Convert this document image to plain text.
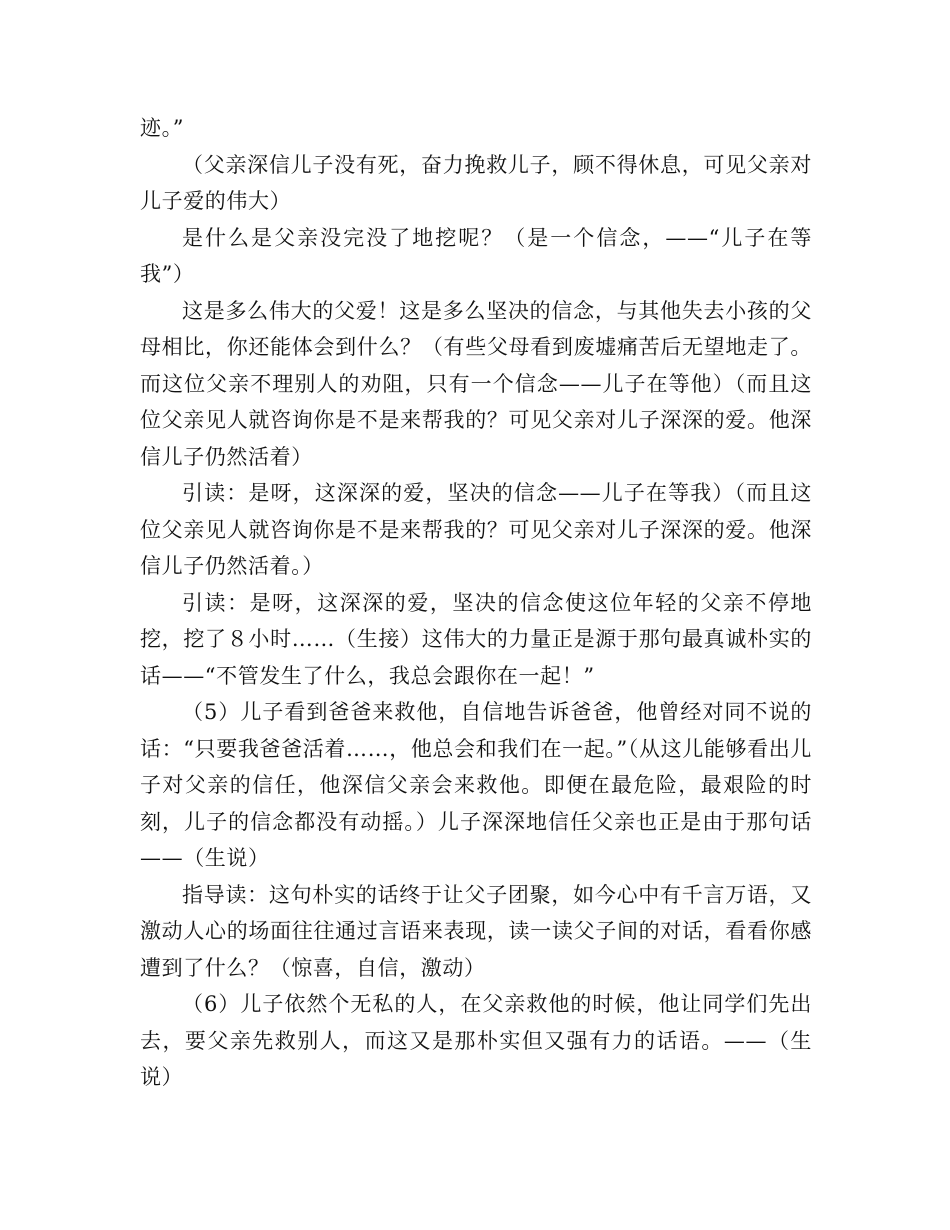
迹。”

（父亲深信儿子没有死，奋力挽救儿子，顾不得休息，可见父亲对儿子爱的伟大）

是什么是父亲没完没了地挖呢？（是一个信念，——“儿子在等我”）

这是多么伟大的父爱！这是多么坚决的信念，与其他失去小孩的父母相比，你还能体会到什么？（有些父母看到废墟痛苦后无望地走了。而这位父亲不理别人的劝阻，只有一个信念——儿子在等他）（而且这位父亲见人就咨询你是不是来帮我的？可见父亲对儿子深深的爱。他深信儿子仍然活着）

引读：是呀，这深深的爱，坚决的信念——儿子在等我）（而且这位父亲见人就咨询你是不是来帮我的？可见父亲对儿子深深的爱。他深信儿子仍然活着。）

引读：是呀，这深深的爱，坚决的信念使这位年轻的父亲不停地挖，挖了８小时……（生接）这伟大的力量正是源于那句最真诚朴实的话——“不管发生了什么，我总会跟你在一起！”

（5）儿子看到爸爸来救他，自信地告诉爸爸，他曾经对同不说的话：“只要我爸爸活着……，他总会和我们在一起。”（从这儿能够看出儿子对父亲的信任，他深信父亲会来救他。即便在最危险，最艰险的时刻，儿子的信念都没有动摇。）儿子深深地信任父亲也正是由于那句话——（生说）

指导读：这句朴实的话终于让父子团聚，如今心中有千言万语，又激动人心的场面往往通过言语来表现，读一读父子间的对话，看看你感遭到了什么？（惊喜，自信，激动）

（6）儿子依然个无私的人，在父亲救他的时候，他让同学们先出去，要父亲先救别人，而这又是那朴实但又强有力的话语。——（生说）
